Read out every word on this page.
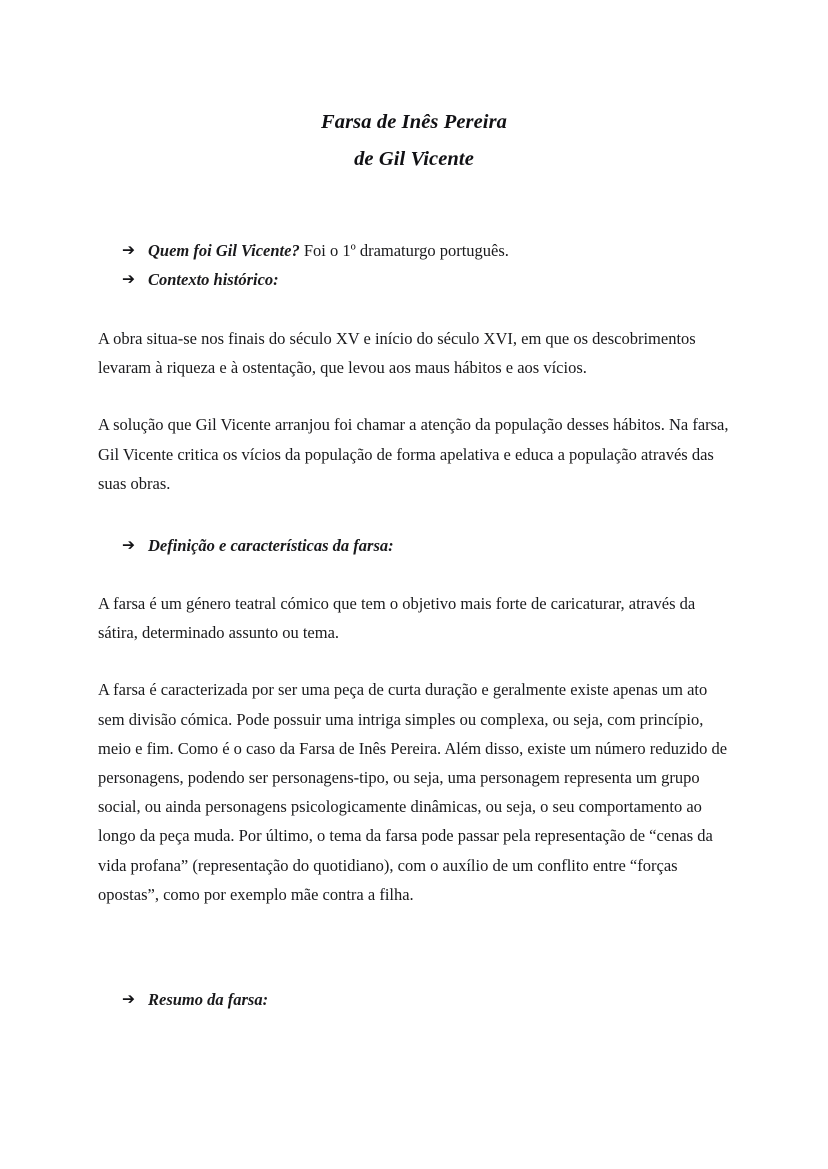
Farsa de Inês Pereira
de Gil Vicente
➔ Quem foi Gil Vicente? Foi o 1º dramaturgo português.
➔ Contexto histórico:

A obra situa-se nos finais do século XV e início do século XVI, em que os descobrimentos levaram à riqueza e à ostentação, que levou aos maus hábitos e aos vícios.

A solução que Gil Vicente arranjou foi chamar a atenção da população desses hábitos. Na farsa, Gil Vicente critica os vícios da população de forma apelativa e educa a população através das suas obras.

➔ Definição e características da farsa:

A farsa é um género teatral cómico que tem o objetivo mais forte de caricaturar, através da sátira, determinado assunto ou tema.

A farsa é caracterizada por ser uma peça de curta duração e geralmente existe apenas um ato sem divisão cómica. Pode possuir uma intriga simples ou complexa, ou seja, com princípio, meio e fim. Como é o caso da Farsa de Inês Pereira. Além disso, existe um número reduzido de personagens, podendo ser personagens-tipo, ou seja, uma personagem representa um grupo social, ou ainda personagens psicologicamente dinâmicas, ou seja, o seu comportamento ao longo da peça muda. Por último, o tema da farsa pode passar pela representação de “cenas da vida profana” (representação do quotidiano), com o auxílio de um conflito entre “forças opostas”, como por exemplo mãe contra a filha.

➔ Resumo da farsa:
